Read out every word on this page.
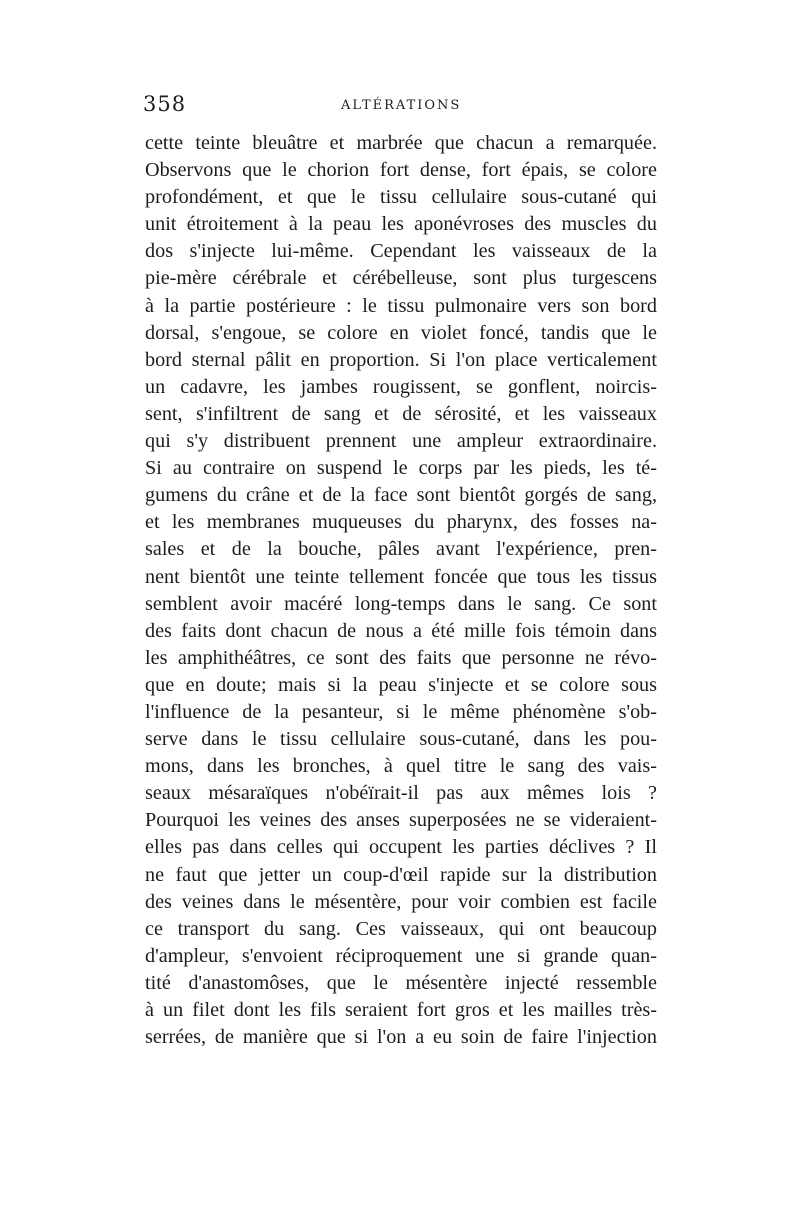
358	ALTÉRATIONS
cette teinte bleuâtre et marbrée que chacun a remarquée.
Observons que le chorion fort dense, fort épais, se colore
profondément, et que le tissu cellulaire sous-cutané qui
unit étroitement à la peau les aponévroses des muscles du
dos s'injecte lui-même. Cependant les vaisseaux de la
pie-mère cérébrale et cérébelleuse, sont plus turgescens
à la partie postérieure : le tissu pulmonaire vers son bord
dorsal, s'engoue, se colore en violet foncé, tandis que le
bord sternal pâlit en proportion. Si l'on place verticalement
un cadavre, les jambes rougissent, se gonflent, noircis-
sent, s'infiltrent de sang et de sérosité, et les vaisseaux
qui s'y distribuent prennent une ampleur extraordinaire.
Si au contraire on suspend le corps par les pieds, les té-
gumens du crâne et de la face sont bientôt gorgés de sang,
et les membranes muqueuses du pharynx, des fosses na-
sales et de la bouche, pâles avant l'expérience, pren-
nent bientôt une teinte tellement foncée que tous les tissus
semblent avoir macéré long-temps dans le sang. Ce sont
des faits dont chacun de nous a été mille fois témoin dans
les amphithéâtres, ce sont des faits que personne ne révo-
que en doute; mais si la peau s'injecte et se colore sous
l'influence de la pesanteur, si le même phénomène s'ob-
serve dans le tissu cellulaire sous-cutané, dans les pou-
mons, dans les bronches, à quel titre le sang des vais-
seaux mésaraïques n'obéïrait-il pas aux mêmes lois ?
Pourquoi les veines des anses superposées ne se videraient-
elles pas dans celles qui occupent les parties déclives ? Il
ne faut que jetter un coup-d'œil rapide sur la distribution
des veines dans le mésentère, pour voir combien est facile
ce transport du sang. Ces vaisseaux, qui ont beaucoup
d'ampleur, s'envoient réciproquement une si grande quan-
tité d'anastomôses, que le mésentère injecté ressemble
à un filet dont les fils seraient fort gros et les mailles très-
serrées, de manière que si l'on a eu soin de faire l'injection
